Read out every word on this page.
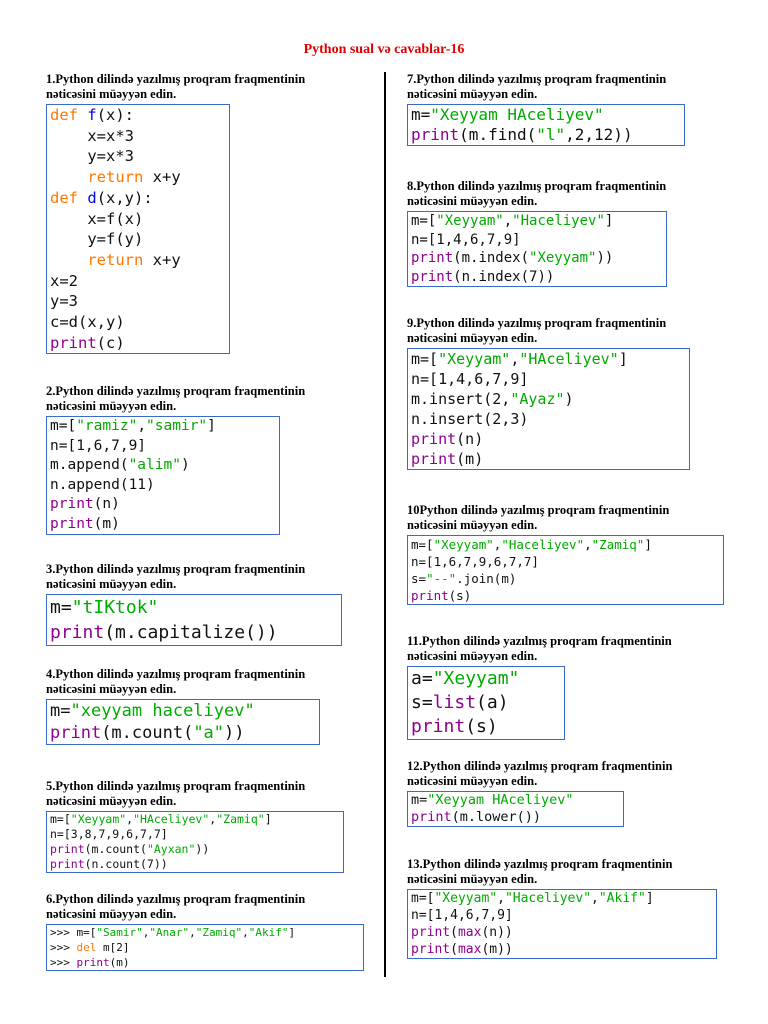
Python sual və cavablar-16

1.Python dilində yazılmış proqram fraqmentinin

nəticəsini müəyyən edin.

def f(x):
x=x*3
y=x*3
return x+y
def d(x,y):
x=f(x)
y=f(y)
return x+y
x=2
y=3
c=d(x,y)
print(c)

2.Python dilində yazılmış proqram fraqmentinin

nəticəsini müəyyən edin.

m=["ramiz","samir"]
n=[1,6,7,9]
m.append("alim")
n.append(11)
print(n)
print(m)

3.Python dilində yazılmış proqram fraqmentinin

nəticəsini müəyyən edin.

m="tIKtok"
print(m.capitalize())

4.Python dilində yazılmış proqram fraqmentinin

nəticəsini müəyyən edin.

m="xeyyam haceliyev"
print(m.count("a"))

5.Python dilində yazılmış proqram fraqmentinin

nəticəsini müəyyən edin.

m=["Xeyyam","HAceliyev","Zamiq"]
n=[3,8,7,9,6,7,7]
print(m.count("Ayxan"))
print(n.count(7))

6.Python dilində yazılmış proqram fraqmentinin

nəticəsini müəyyən edin.

>>> m=["Samir","Anar","Zamiq","Akif"]
>>> del m[2]
>>> print(m)

7.Python dilində yazılmış proqram fraqmentinin

nəticəsini müəyyən edin.

m="Xeyyam HAceliyev"
print(m.find("l",2,12))

8.Python dilində yazılmış proqram fraqmentinin

nəticəsini müəyyən edin.

m=["Xeyyam","Haceliyev"]
n=[1,4,6,7,9]
print(m.index("Xeyyam"))
print(n.index(7))

9.Python dilində yazılmış proqram fraqmentinin

nəticəsini müəyyən edin.

m=["Xeyyam","HAceliyev"]
n=[1,4,6,7,9]
m.insert(2,"Ayaz")
n.insert(2,3)
print(n)
print(m)

10Python dilində yazılmış proqram fraqmentinin

nəticəsini müəyyən edin.

m=["Xeyyam","Haceliyev","Zamiq"]
n=[1,6,7,9,6,7,7]
s="--".join(m)
print(s)

11.Python dilində yazılmış proqram fraqmentinin

nəticəsini müəyyən edin.

a="Xeyyam"
s=list(a)
print(s)

12.Python dilində yazılmış proqram fraqmentinin

nəticəsini müəyyən edin.

m="Xeyyam HAceliyev"
print(m.lower())

13.Python dilində yazılmış proqram fraqmentinin

nəticəsini müəyyən edin.

m=["Xeyyam","Haceliyev","Akif"]
n=[1,4,6,7,9]
print(max(n))
print(max(m))
